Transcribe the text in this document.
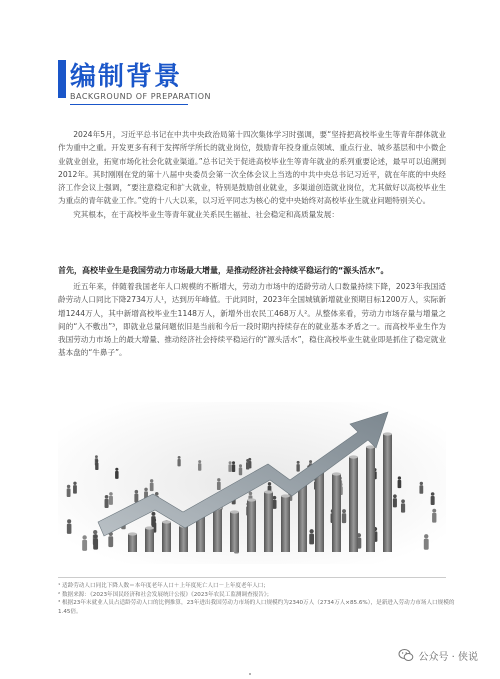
编制背景
BACKGROUND OF PREPARATION

2024年5月，习近平总书记在中共中央政治局第十四次集体学习时强调，要“坚持把高校毕业生等青年群体就业作为重中之重。开发更多有利于发挥所学所长的就业岗位，鼓励青年投身重点领域、重点行业、城乡基层和中小微企业就业创业，拓宽市场化社会化就业渠道。”总书记关于促进高校毕业生等青年就业的系列重要论述，最早可以追溯到2012年。其时刚刚在党的第十八届中央委员会第一次全体会议上当选的中共中央总书记习近平，就在年底的中央经济工作会议上强调，“要注意稳定和扩大就业，特别是鼓励创业就业，多渠道创造就业岗位，尤其做好以高校毕业生为重点的青年就业工作。”党的十八大以来，以习近平同志为核心的党中央始终对高校毕业生就业问题特别关心。

究其根本，在于高校毕业生等青年就业关系民生福祉、社会稳定和高质量发展：

首先，高校毕业生是我国劳动力市场最大增量，是推动经济社会持续平稳运行的“源头活水”。

近五年来，伴随着我国老年人口规模的不断增大，劳动力市场中的适龄劳动人口数量持续下降，2023年我国适龄劳动人口同比下降2734万人¹，达到历年峰值。于此同时，2023年全国城镇新增就业预期目标1200万人，实际新增1244万人，其中新增高校毕业生1148万人，新增外出农民工468万人²。从整体来看，劳动力市场存量与增量之间的“入不敷出”³，即就业总量问题依旧是当前和今后一段时期内持续存在的就业基本矛盾之一。而高校毕业生作为我国劳动力市场上的最大增量、推动经济社会持续平稳运行的“源头活水”，稳住高校毕业生就业即是抓住了稳定就业基本盘的“牛鼻子”。

¹ 适龄劳动人口同比下降人数＝本年度老年人口＋上年度死亡人口－上年度老年人口；
² 数据来源：《2023年国民经济和社会发展统计公报》《2023年农民工监测调查报告》；
³ 根据23年末就业人员占适龄劳动人口的比例推算，23年进出我国劳动力市场的人口规模约为2340万人（2734万人×85.6%），是新进入劳动力市场人口规模的1.45倍。
公众号 · 侠说
